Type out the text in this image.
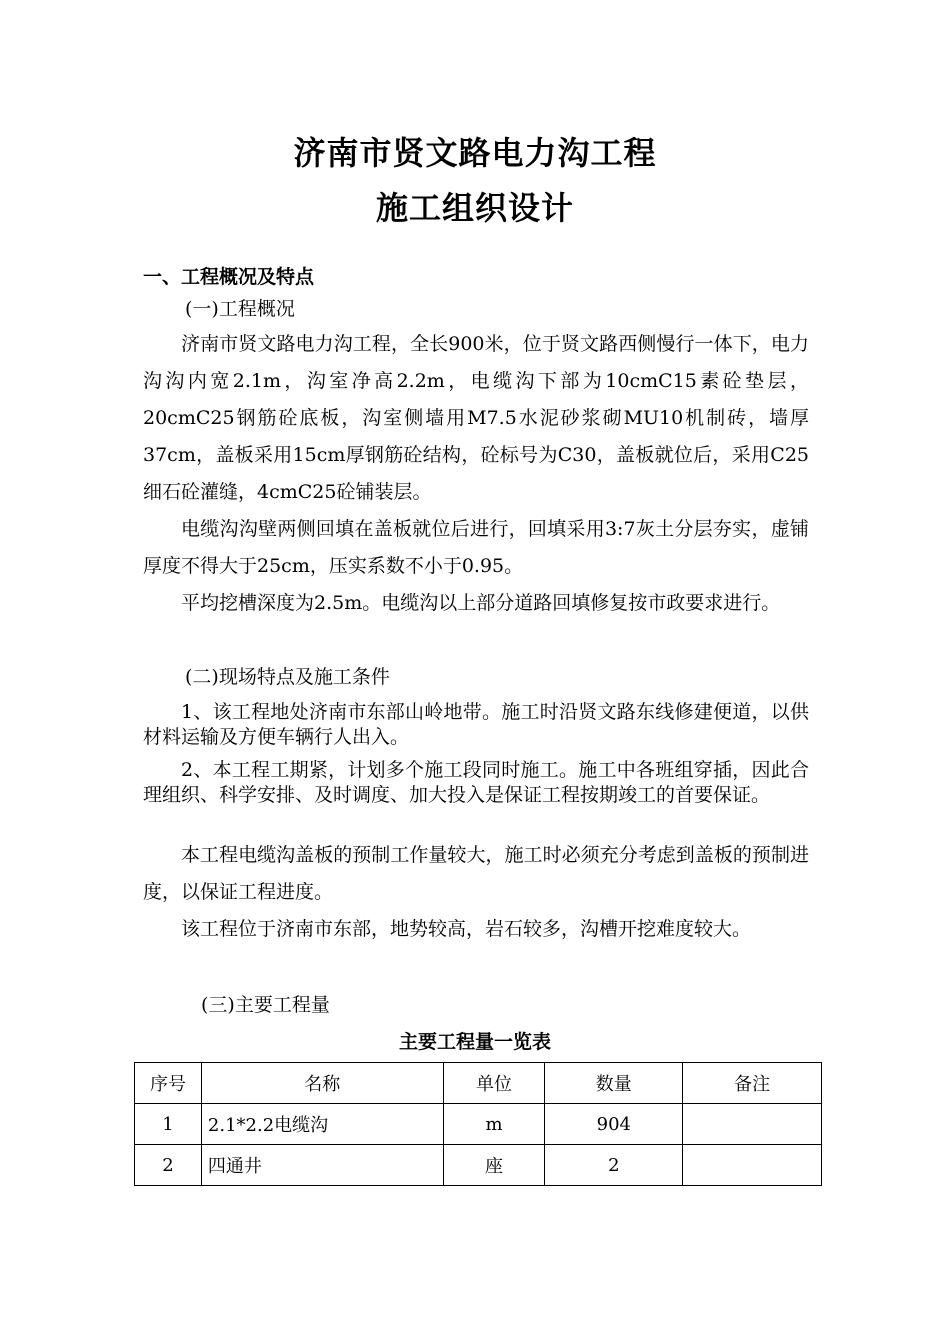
济南市贤文路电力沟工程
施工组织设计
一、工程概况及特点
(一)工程概况
济南市贤文路电力沟工程，全长900米，位于贤文路西侧慢行一体下，电力沟沟内宽2.1m，沟室净高2.2m，电缆沟下部为10cmC15素砼垫层，20cmC25钢筋砼底板，沟室侧墙用M7.5水泥砂浆砌MU10机制砖，墙厚37cm，盖板采用15cm厚钢筋砼结构，砼标号为C30，盖板就位后，采用C25细石砼灌缝，4cmC25砼铺装层。
电缆沟沟壁两侧回填在盖板就位后进行，回填采用3:7灰土分层夯实，虚铺厚度不得大于25cm，压实系数不小于0.95。
平均挖槽深度为2.5m。电缆沟以上部分道路回填修复按市政要求进行。
(二)现场特点及施工条件
1、该工程地处济南市东部山岭地带。施工时沿贤文路东线修建便道，以供材料运输及方便车辆行人出入。
2、本工程工期紧，计划多个施工段同时施工。施工中各班组穿插，因此合理组织、科学安排、及时调度、加大投入是保证工程按期竣工的首要保证。
本工程电缆沟盖板的预制工作量较大，施工时必须充分考虑到盖板的预制进度，以保证工程进度。
该工程位于济南市东部，地势较高，岩石较多，沟槽开挖难度较大。
(三)主要工程量
主要工程量一览表
序号	名称	单位	数量	备注
1	2.1*2.2电缆沟	m	904	
2	四通井	座	2	
